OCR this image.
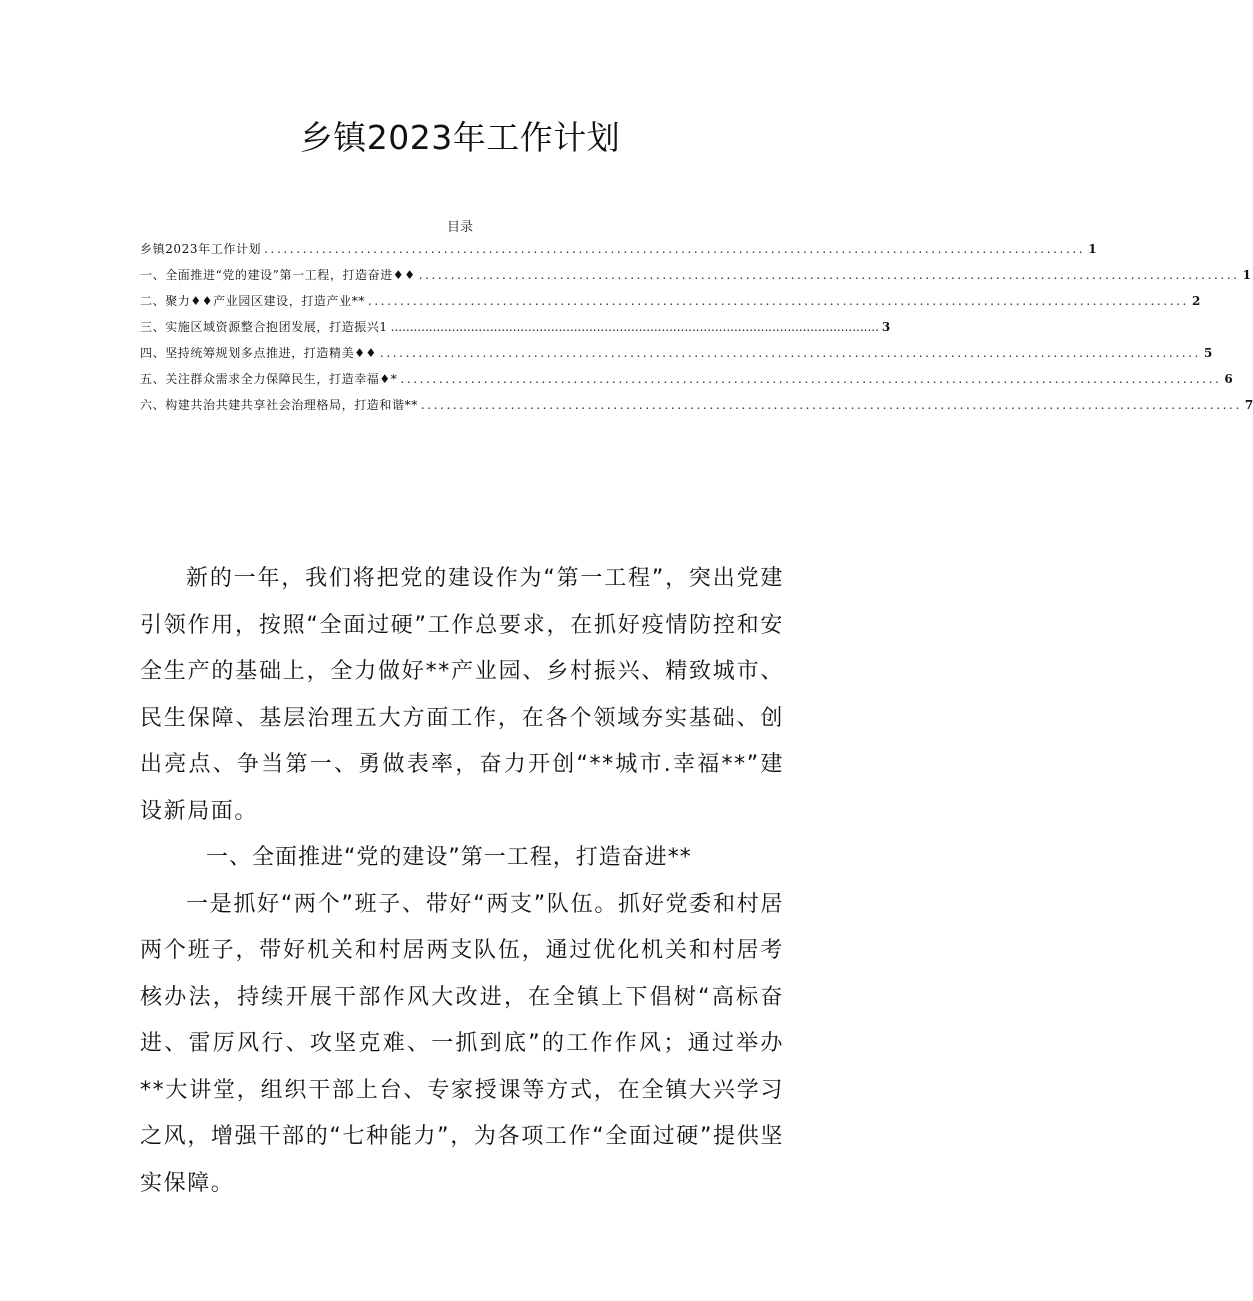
乡镇2023年工作计划
目录
乡镇2023年工作计划 ................................................................................................................................ 1
一、全面推进“党的建设”第一工程，打造奋进♦♦ ................................................................................................................................ 1
二、聚力♦♦产业园区建设，打造产业** ................................................................................................................................ 2
三、实施区域资源整合抱团发展，打造振兴1 ................................................................................................................................ 3
四、坚持统筹规划多点推进，打造精美♦♦ ................................................................................................................................ 5
五、关注群众需求全力保障民生，打造幸福♦* ................................................................................................................................ 6
六、构建共治共建共享社会治理格局，打造和谐** ................................................................................................................................ 7

新的一年，我们将把党的建设作为“第一工程”，突出党建引领作用，按照“全面过硬”工作总要求，在抓好疫情防控和安全生产的基础上，全力做好**产业园、乡村振兴、精致城市、民生保障、基层治理五大方面工作，在各个领域夯实基础、创出亮点、争当第一、勇做表率，奋力开创“**城市.幸福**”建设新局面。

一、全面推进“党的建设”第一工程，打造奋进**

一是抓好“两个”班子、带好“两支”队伍。抓好党委和村居两个班子，带好机关和村居两支队伍，通过优化机关和村居考核办法，持续开展干部作风大改进，在全镇上下倡树“高标奋进、雷厉风行、攻坚克难、一抓到底”的工作作风；通过举办**大讲堂，组织干部上台、专家授课等方式，在全镇大兴学习之风，增强干部的“七种能力”，为各项工作“全面过硬”提供坚实保障。
